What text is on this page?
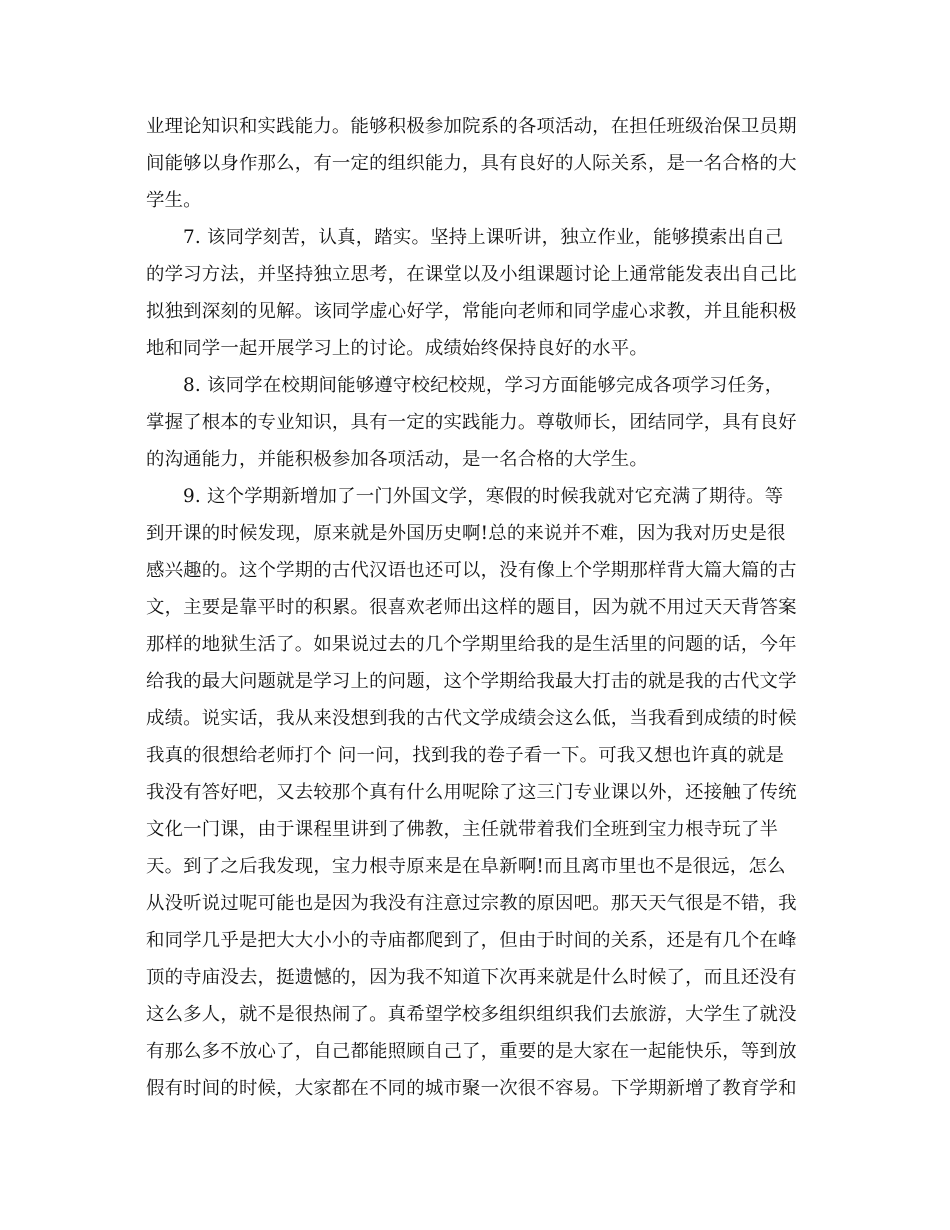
业理论知识和实践能力。能够积极参加院系的各项活动，在担任班级治保卫员期
间能够以身作那么，有一定的组织能力，具有良好的人际关系，是一名合格的大
学生。
7. 该同学刻苦，认真，踏实。坚持上课听讲，独立作业，能够摸索出自己
的学习方法，并坚持独立思考，在课堂以及小组课题讨论上通常能发表出自己比
拟独到深刻的见解。该同学虚心好学，常能向老师和同学虚心求教，并且能积极
地和同学一起开展学习上的讨论。成绩始终保持良好的水平。
8. 该同学在校期间能够遵守校纪校规，学习方面能够完成各项学习任务，
掌握了根本的专业知识，具有一定的实践能力。尊敬师长，团结同学，具有良好
的沟通能力，并能积极参加各项活动，是一名合格的大学生。
9. 这个学期新增加了一门外国文学，寒假的时候我就对它充满了期待。等
到开课的时候发现，原来就是外国历史啊!总的来说并不难，因为我对历史是很
感兴趣的。这个学期的古代汉语也还可以，没有像上个学期那样背大篇大篇的古
文，主要是靠平时的积累。很喜欢老师出这样的题目，因为就不用过天天背答案
那样的地狱生活了。如果说过去的几个学期里给我的是生活里的问题的话，今年
给我的最大问题就是学习上的问题，这个学期给我最大打击的就是我的古代文学
成绩。说实话，我从来没想到我的古代文学成绩会这么低，当我看到成绩的时候
我真的很想给老师打个 问一问，找到我的卷子看一下。可我又想也许真的就是
我没有答好吧，又去较那个真有什么用呢除了这三门专业课以外，还接触了传统
文化一门课，由于课程里讲到了佛教，主任就带着我们全班到宝力根寺玩了半
天。到了之后我发现，宝力根寺原来是在阜新啊!而且离市里也不是很远，怎么
从没听说过呢可能也是因为我没有注意过宗教的原因吧。那天天气很是不错，我
和同学几乎是把大大小小的寺庙都爬到了，但由于时间的关系，还是有几个在峰
顶的寺庙没去，挺遗憾的，因为我不知道下次再来就是什么时候了，而且还没有
这么多人，就不是很热闹了。真希望学校多组织组织我们去旅游，大学生了就没
有那么多不放心了，自己都能照顾自己了，重要的是大家在一起能快乐，等到放
假有时间的时候，大家都在不同的城市聚一次很不容易。下学期新增了教育学和
